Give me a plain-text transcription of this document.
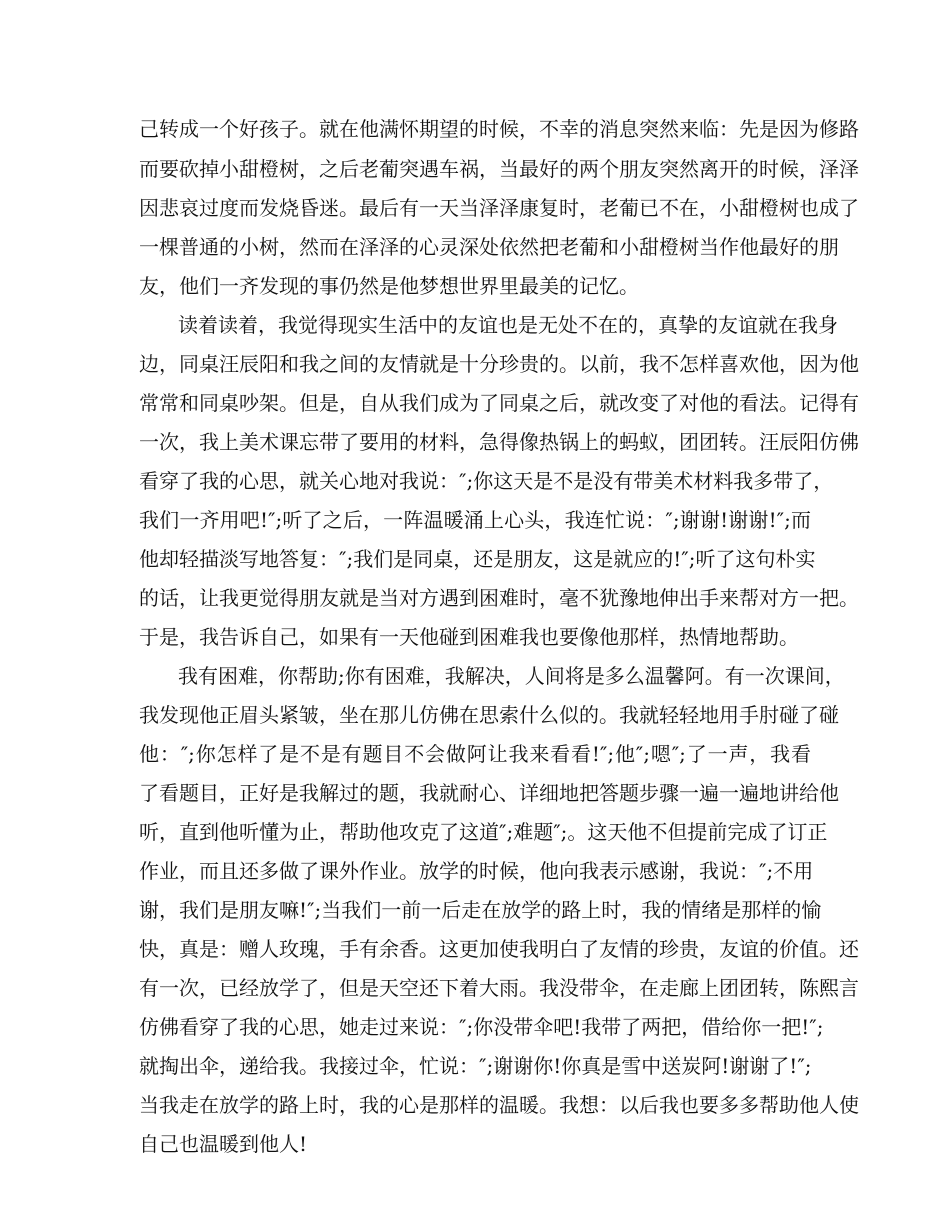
己转成一个好孩子。就在他满怀期望的时候，不幸的消息突然来临：先是因为修路
而要砍掉小甜橙树，之后老葡突遇车祸，当最好的两个朋友突然离开的时候，泽泽
因悲哀过度而发烧昏迷。最后有一天当泽泽康复时，老葡已不在，小甜橙树也成了
一棵普通的小树，然而在泽泽的心灵深处依然把老葡和小甜橙树当作他最好的朋
友，他们一齐发现的事仍然是他梦想世界里最美的记忆。
读着读着，我觉得现实生活中的友谊也是无处不在的，真挚的友谊就在我身
边，同桌汪辰阳和我之间的友情就是十分珍贵的。以前，我不怎样喜欢他，因为他
常常和同桌吵架。但是，自从我们成为了同桌之后，就改变了对他的看法。记得有
一次，我上美术课忘带了要用的材料，急得像热锅上的蚂蚁，团团转。汪辰阳仿佛
看穿了我的心思，就关心地对我说：″;你这天是不是没有带美术材料我多带了，
我们一齐用吧!″;听了之后，一阵温暖涌上心头，我连忙说：″;谢谢!谢谢!″;而
他却轻描淡写地答复：″;我们是同桌，还是朋友，这是就应的!″;听了这句朴实
的话，让我更觉得朋友就是当对方遇到困难时，毫不犹豫地伸出手来帮对方一把。
于是，我告诉自己，如果有一天他碰到困难我也要像他那样，热情地帮助。
我有困难，你帮助;你有困难，我解决，人间将是多么温馨阿。有一次课间，
我发现他正眉头紧皱，坐在那儿仿佛在思索什么似的。我就轻轻地用手肘碰了碰
他：″;你怎样了是不是有题目不会做阿让我来看看!″;他″;嗯″;了一声，我看
了看题目，正好是我解过的题，我就耐心、详细地把答题步骤一遍一遍地讲给他
听，直到他听懂为止，帮助他攻克了这道″;难题″;。这天他不但提前完成了订正
作业，而且还多做了课外作业。放学的时候，他向我表示感谢，我说：″;不用
谢，我们是朋友嘛!″;当我们一前一后走在放学的路上时，我的情绪是那样的愉
快，真是：赠人玫瑰，手有余香。这更加使我明白了友情的珍贵，友谊的价值。还
有一次，已经放学了，但是天空还下着大雨。我没带伞，在走廊上团团转，陈熙言
仿佛看穿了我的心思，她走过来说：″;你没带伞吧!我带了两把，借给你一把!″;
就掏出伞，递给我。我接过伞，忙说：″;谢谢你!你真是雪中送炭阿!谢谢了!″;
当我走在放学的路上时，我的心是那样的温暖。我想：以后我也要多多帮助他人使
自己也温暖到他人!
